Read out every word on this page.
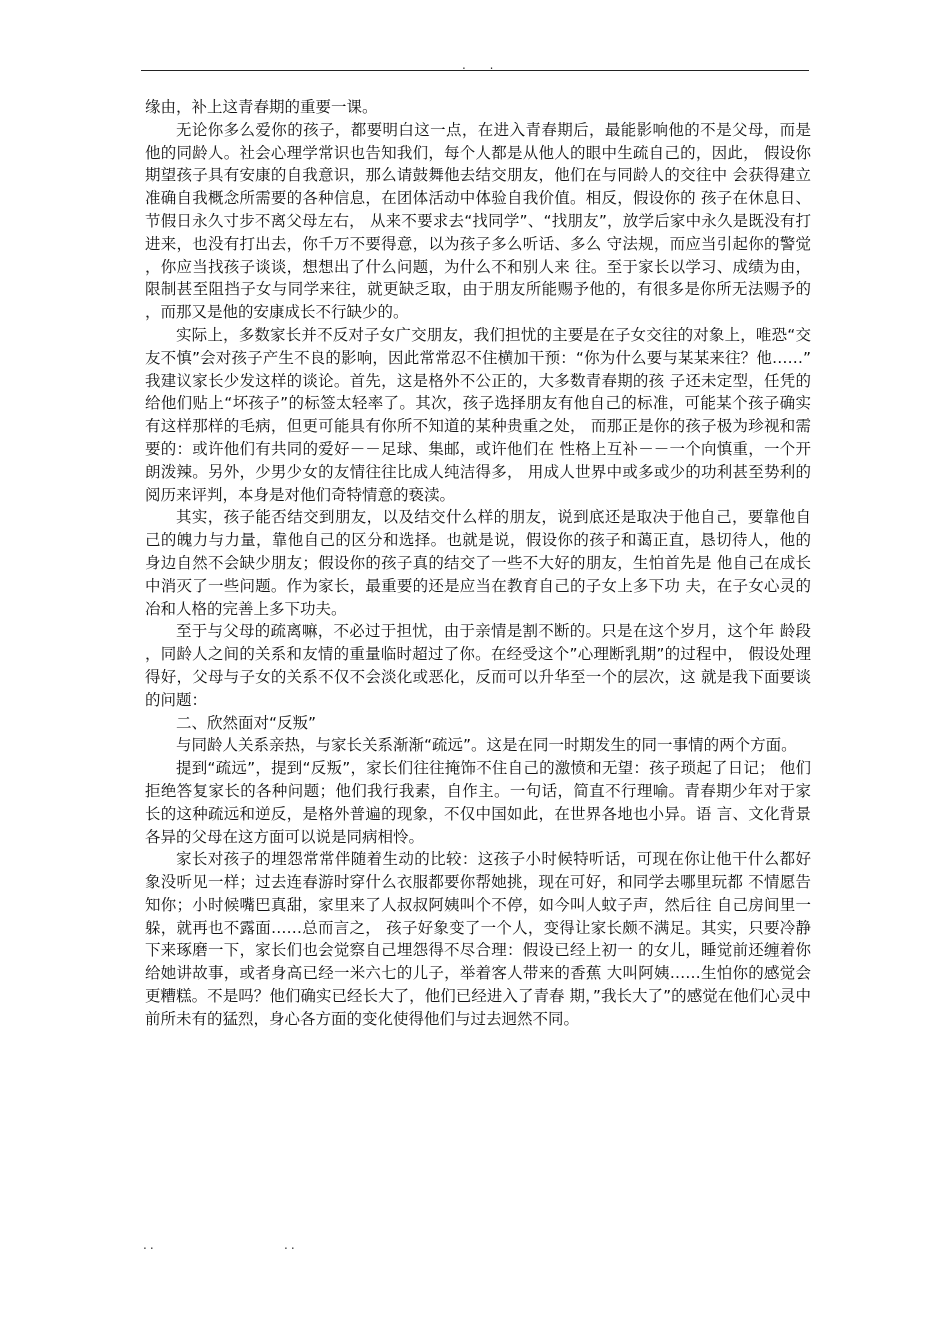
. .

缘由，补上这青春期的重要一课。

无论你多么爱你的孩子，都要明白这一点，在进入青春期后，最能影响他的不是父母，而是他的同龄人。社会心理学常识也告知我们，每个人都是从他人的眼中生疏自己的，因此， 假设你期望孩子具有安康的自我意识，那么请鼓舞他去结交朋友，他们在与同龄人的交往中 会获得建立准确自我概念所需要的各种信息，在团体活动中体验自我价值。相反，假设你的 孩子在休息日、 节假日永久寸步不离父母左右， 从来不要求去“找同学”、“找朋友”，放学后家中永久是既没有打进来，也没有打出去，你千万不要得意，以为孩子多么听话、多么 守法规，而应当引起你的警觉，你应当找孩子谈谈，想想出了什么问题，为什么不和别人来 往。至于家长以学习、成绩为由，限制甚至阻挡子女与同学来往，就更缺乏取，由于朋友所能赐予他的，有很多是你所无法赐予的，而那又是他的安康成长不行缺少的。

实际上，多数家长并不反对子女广交朋友，我们担忧的主要是在子女交往的对象上，唯恐“交友不慎”会对孩子产生不良的影响，因此常常忍不住横加干预：“你为什么要与某某来往？他……”我建议家长少发这样的谈论。首先，这是格外不公正的，大多数青春期的孩 子还未定型，任凭的给他们贴上“坏孩子”的标签太轻率了。其次，孩子选择朋友有他自己的标准，可能某个孩子确实有这样那样的毛病，但更可能具有你所不知道的某种贵重之处， 而那正是你的孩子极为珍视和需要的：或许他们有共同的爱好－－足球、集邮，或许他们在 性格上互补－－一个向慎重，一个开朗泼辣。另外，少男少女的友情往往比成人纯洁得多， 用成人世界中或多或少的功利甚至势利的阅历来评判，本身是对他们奇特情意的亵渎。

其实，孩子能否结交到朋友，以及结交什么样的朋友，说到底还是取决于他自己，要靠他自己的魄力与力量，靠他自己的区分和选择。也就是说，假设你的孩子和蔼正直，恳切待人，他的身边自然不会缺少朋友；假设你的孩子真的结交了一些不大好的朋友，生怕首先是 他自己在成长中消灭了一些问题。作为家长，最重要的还是应当在教育自己的子女上多下功 夫，在子女心灵的冶和人格的完善上多下功夫。

至于与父母的疏离嘛，不必过于担忧，由于亲情是割不断的。只是在这个岁月，这个年 龄段，同龄人之间的关系和友情的重量临时超过了你。在经受这个”心理断乳期”的过程中， 假设处理得好，父母与子女的关系不仅不会淡化或恶化，反而可以升华至一个的层次，这 就是我下面要谈的问题：

二、欣然面对“反叛”

与同龄人关系亲热，与家长关系渐渐“疏远”。这是在同一时期发生的同一事情的两个方面。

提到“疏远”，提到“反叛”，家长们往往掩饰不住自己的激愤和无望：孩子琐起了日记； 他们拒绝答复家长的各种问题；他们我行我素，自作主。一句话，简直不行理喻。青春期少年对于家长的这种疏远和逆反，是格外普遍的现象，不仅中国如此，在世界各地也小异。语 言、文化背景各异的父母在这方面可以说是同病相怜。

家长对孩子的埋怨常常伴随着生动的比较：这孩子小时候特听话，可现在你让他干什么都好象没听见一样；过去连春游时穿什么衣服都要你帮她挑，现在可好，和同学去哪里玩都 不情愿告知你；小时候嘴巴真甜，家里来了人叔叔阿姨叫个不停，如今叫人蚊子声，然后往 自己房间里一躲，就再也不露面……总而言之， 孩子好象变了一个人，变得让家长颇不满足。其实，只要冷静下来琢磨一下，家长们也会觉察自己埋怨得不尽合理：假设已经上初一 的女儿，睡觉前还缠着你给她讲故事，或者身高已经一米六七的儿子，举着客人带来的香蕉 大叫阿姨……生怕你的感觉会更糟糕。不是吗？他们确实已经长大了，他们已经进入了青春 期，”我长大了”的感觉在他们心灵中前所未有的猛烈，身心各方面的变化使得他们与过去迥然不同。

..	..
